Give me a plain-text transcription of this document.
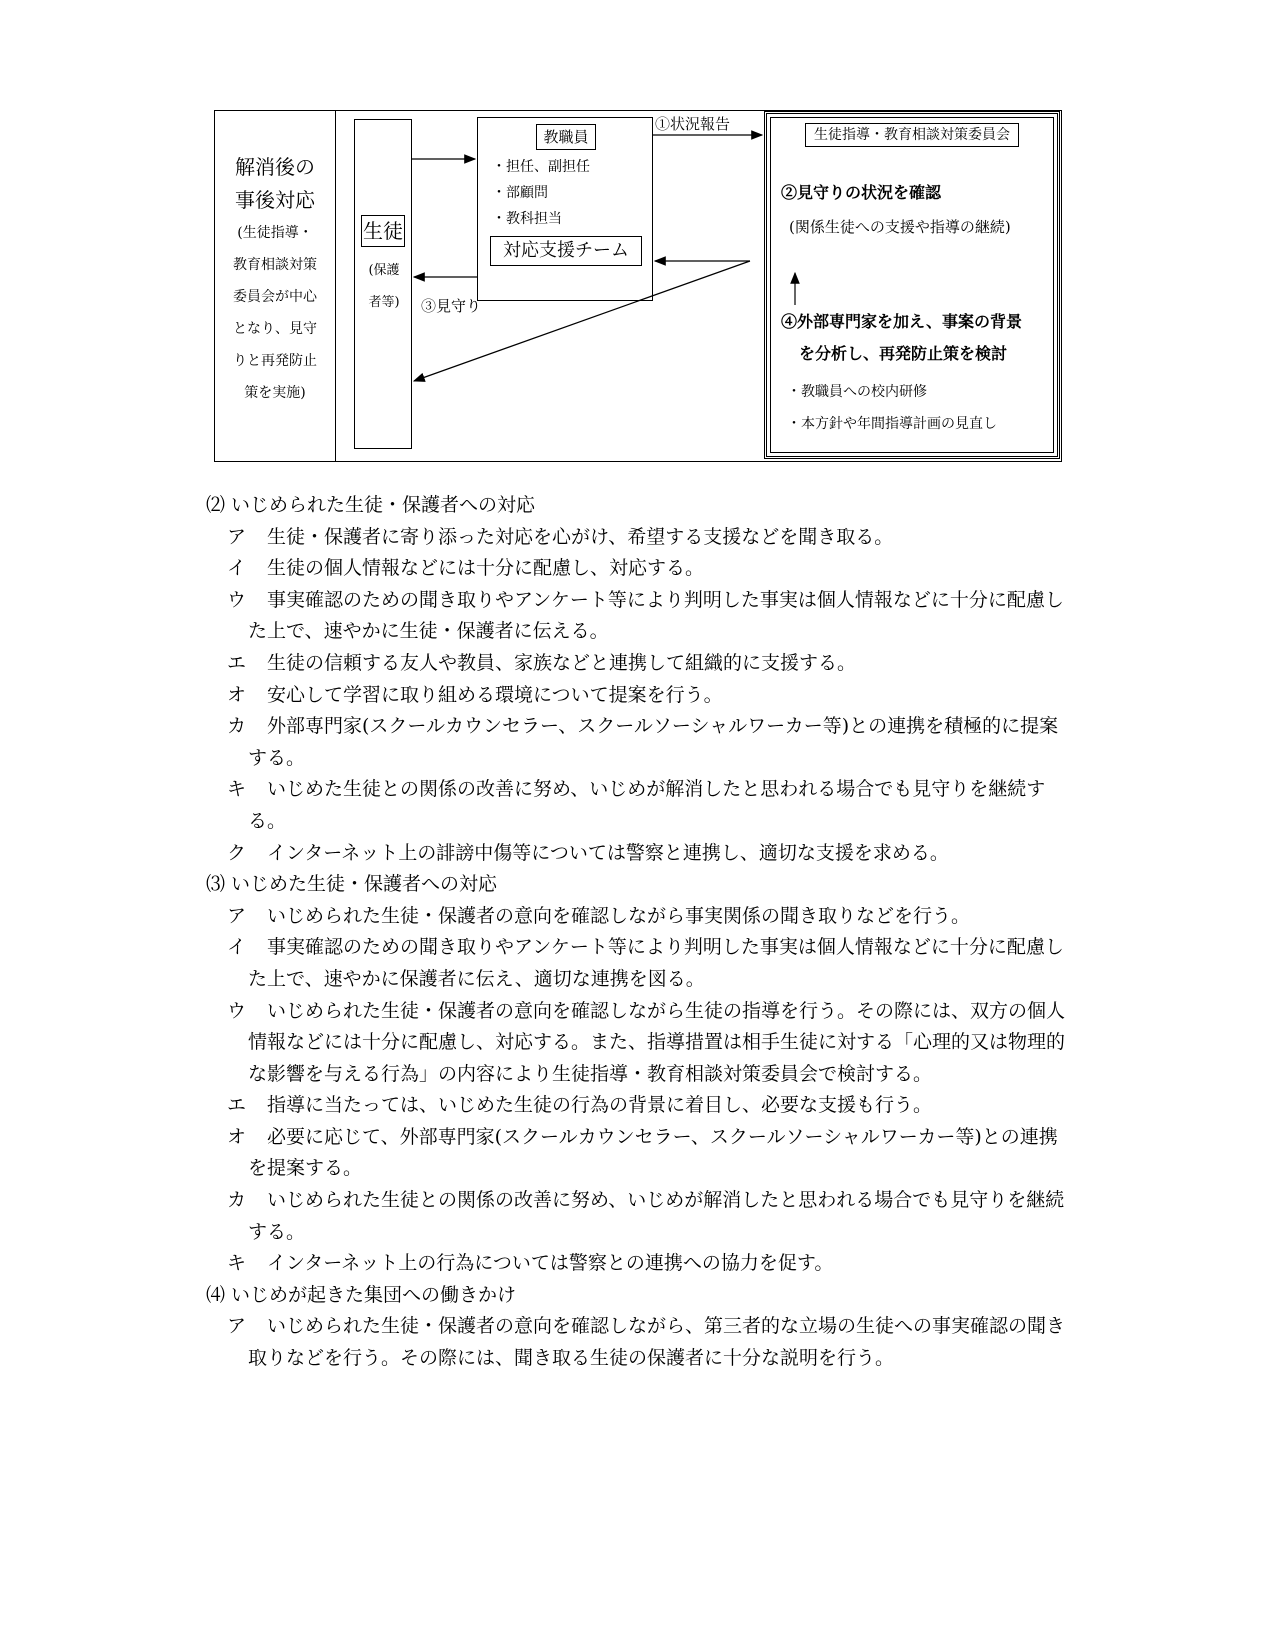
解消後の
事後対応
(生徒指導・
教育相談対策
委員会が中心
となり、見守
りと再発防止
策を実施)
生徒
(保護
者等)
教職員
・担任、副担任
・部顧問
・教科担当
対応支援チーム
生徒指導・教育相談対策委員会
②見守りの状況を確認
(関係生徒への支援や指導の継続)
④外部専門家を加え、事案の背景
を分析し、再発防止策を検討
・教職員への校内研修
・本方針や年間指導計画の見直し
①状況報告
③見守り
⑵ いじめられた生徒・保護者への対応
ア 生徒・保護者に寄り添った対応を心がけ、希望する支援などを聞き取る。
イ 生徒の個人情報などには十分に配慮し、対応する。
ウ 事実確認のための聞き取りやアンケート等により判明した事実は個人情報などに十分に配慮した上で、速やかに生徒・保護者に伝える。
エ 生徒の信頼する友人や教員、家族などと連携して組織的に支援する。
オ 安心して学習に取り組める環境について提案を行う。
カ 外部専門家(スクールカウンセラー、スクールソーシャルワーカー等)との連携を積極的に提案する。
キ いじめた生徒との関係の改善に努め、いじめが解消したと思われる場合でも見守りを継続する。
ク インターネット上の誹謗中傷等については警察と連携し、適切な支援を求める。
⑶ いじめた生徒・保護者への対応
ア いじめられた生徒・保護者の意向を確認しながら事実関係の聞き取りなどを行う。
イ 事実確認のための聞き取りやアンケート等により判明した事実は個人情報などに十分に配慮した上で、速やかに保護者に伝え、適切な連携を図る。
ウ いじめられた生徒・保護者の意向を確認しながら生徒の指導を行う。その際には、双方の個人情報などには十分に配慮し、対応する。また、指導措置は相手生徒に対する「心理的又は物理的な影響を与える行為」の内容により生徒指導・教育相談対策委員会で検討する。
エ 指導に当たっては、いじめた生徒の行為の背景に着目し、必要な支援も行う。
オ 必要に応じて、外部専門家(スクールカウンセラー、スクールソーシャルワーカー等)との連携を提案する。
カ いじめられた生徒との関係の改善に努め、いじめが解消したと思われる場合でも見守りを継続する。
キ インターネット上の行為については警察との連携への協力を促す。
⑷ いじめが起きた集団への働きかけ
ア いじめられた生徒・保護者の意向を確認しながら、第三者的な立場の生徒への事実確認の聞き取りなどを行う。その際には、聞き取る生徒の保護者に十分な説明を行う。
